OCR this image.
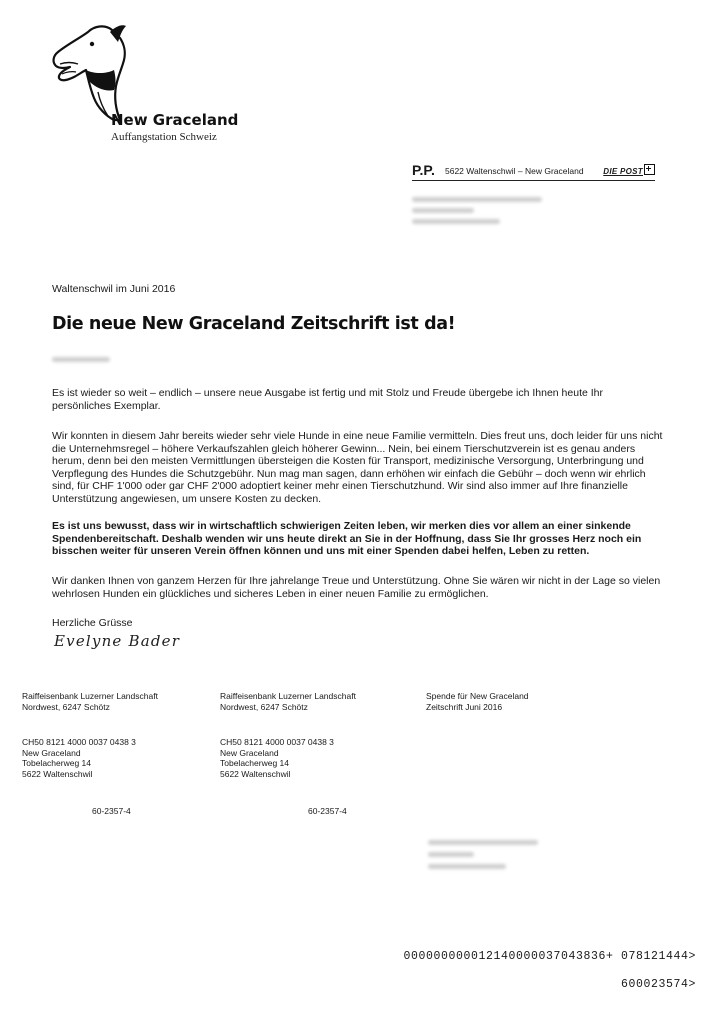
New Graceland
Auffangstation Schweiz
P.P. 5622 Waltenschwil – New Graceland DIE POST
Waltenschwil im Juni 2016
Die neue New Graceland Zeitschrift ist da!
Es ist wieder so weit – endlich – unsere neue Ausgabe ist fertig und mit Stolz und Freude übergebe ich Ihnen heute Ihr persönliches Exemplar.
Wir konnten in diesem Jahr bereits wieder sehr viele Hunde in eine neue Familie vermitteln. Dies freut uns, doch leider für uns nicht die Unternehmsregel – höhere Verkaufszahlen gleich höherer Gewinn... Nein, bei einem Tierschutzverein ist es genau anders herum, denn bei den meisten Vermittlungen übersteigen die Kosten für Transport, medizinische Versorgung, Unterbringung und Verpflegung des Hundes die Schutzgebühr. Nun mag man sagen, dann erhöhen wir einfach die Gebühr – doch wenn wir ehrlich sind, für CHF 1'000 oder gar CHF 2'000 adoptiert keiner mehr einen Tierschutzhund. Wir sind also immer auf Ihre finanzielle Unterstützung angewiesen, um unsere Kosten zu decken.
Es ist uns bewusst, dass wir in wirtschaftlich schwierigen Zeiten leben, wir merken dies vor allem an einer sinkende Spendenbereitschaft. Deshalb wenden wir uns heute direkt an Sie in der Hoffnung, dass Sie Ihr grosses Herz noch ein bisschen weiter für unseren Verein öffnen können und uns mit einer Spenden dabei helfen, Leben zu retten.
Wir danken Ihnen von ganzem Herzen für Ihre jahrelange Treue und Unterstützung. Ohne Sie wären wir nicht in der Lage so vielen wehrlosen Hunden ein glückliches und sicheres Leben in einer neuen Familie zu ermöglichen.
Herzliche Grüsse
Evelyne Bader
Raiffeisenbank Luzerner Landschaft
Nordwest, 6247 Schötz
Raiffeisenbank Luzerner Landschaft
Nordwest, 6247 Schötz
Spende für New Graceland
Zeitschrift Juni 2016
CH50 8121 4000 0037 0438 3
New Graceland
Tobelacherweg 14
5622 Waltenschwil
CH50 8121 4000 0037 0438 3
New Graceland
Tobelacherweg 14
5622 Waltenschwil
60-2357-4	60-2357-4
000000000012140000037043836+ 078121444>
600023574>
